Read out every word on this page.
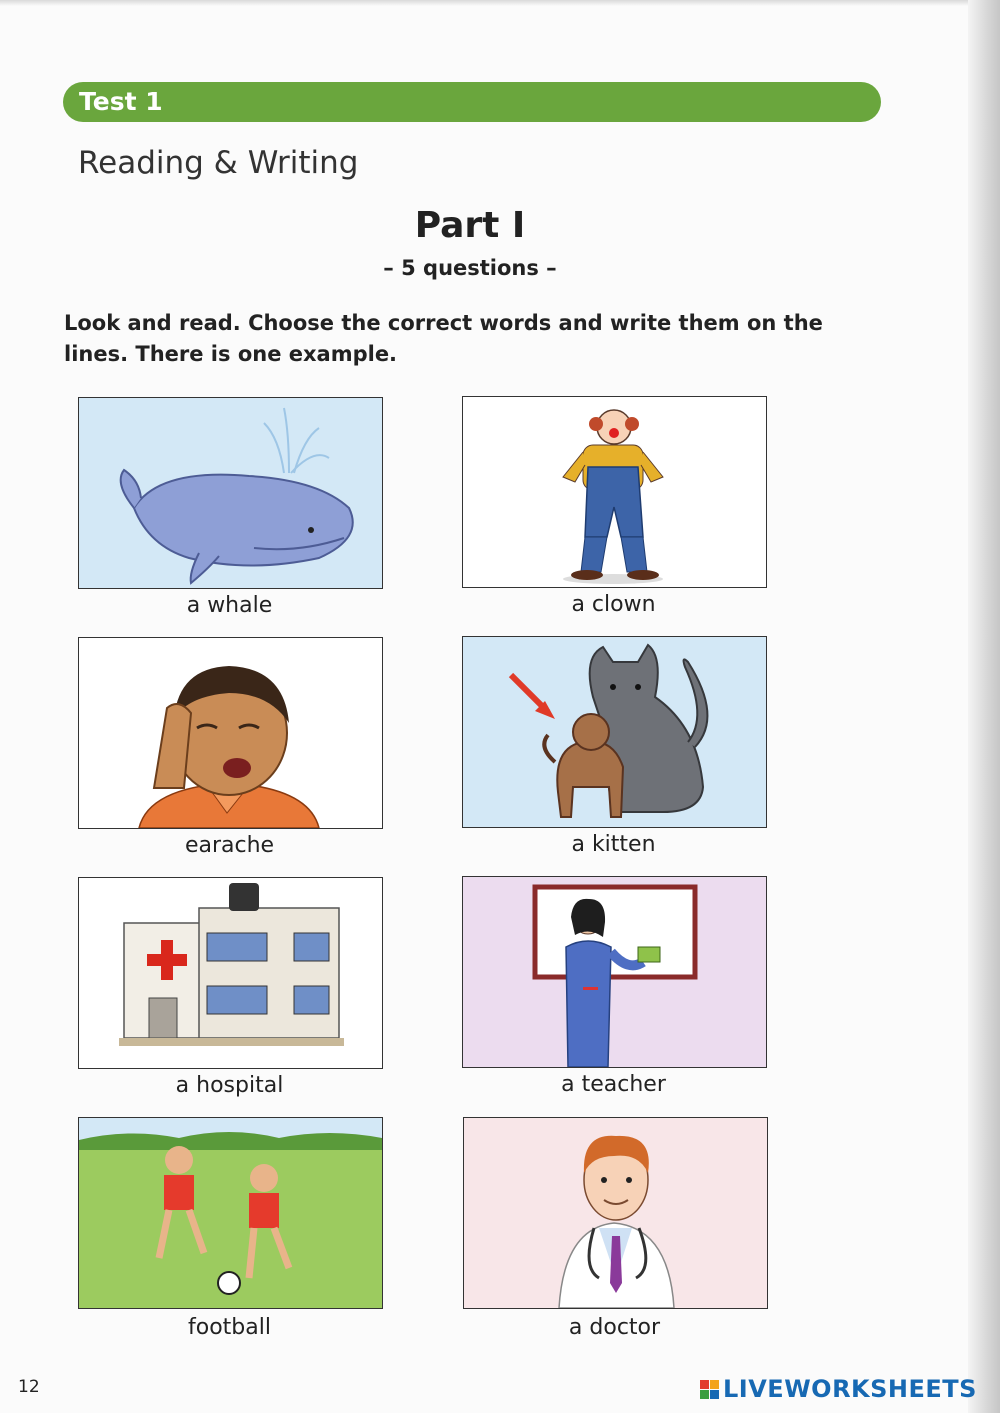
Test 1
Reading & Writing
Part I
– 5 questions –
Look and read. Choose the correct words and write them on the lines. There is one example.
a whale	a clown
earache	a kitten
a hospital	a teacher
football	a doctor
12	LIVEWORKSHEETS
